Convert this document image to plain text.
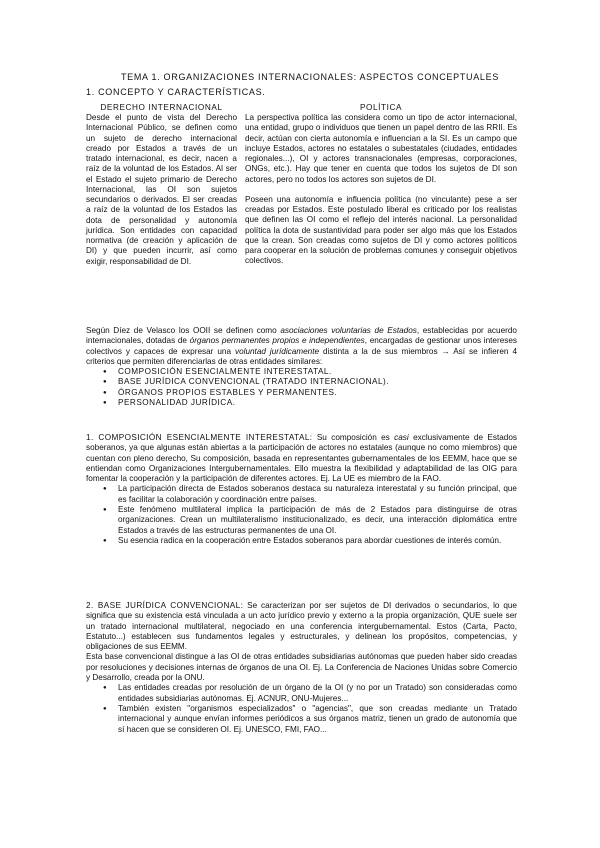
TEMA 1. ORGANIZACIONES INTERNACIONALES: ASPECTOS CONCEPTUALES
1. CONCEPTO Y CARACTERÍSTICAS.
DERECHO INTERNACIONAL

Desde el punto de vista del Derecho Internacional Público, se definen como un sujeto de derecho internacional creado por Estados a través de un tratado internacional, es decir, nacen a raíz de la voluntad de los Estados. Al ser el Estado el sujeto primario de Derecho Internacional, las OI son sujetos secundarios o derivados. El ser creadas a raíz de la voluntad de los Estados las dota de personalidad y autonomía jurídica. Son entidades con capacidad normativa (de creación y aplicación de DI) y que pueden incurrir, así como exigir, responsabilidad de DI.

POLÍTICA

La perspectiva política las considera como un tipo de actor internacional, una entidad, grupo o individuos que tienen un papel dentro de las RRII. Es decir, actúan con cierta autonomía e influencian a la SI. Es un campo que incluye Estados, actores no estatales o subestatales (ciudades, entidades regionales...), OI y actores transnacionales (empresas, corporaciones, ONGs, etc.). Hay que tener en cuenta que todos los sujetos de DI son actores, pero no todos los actores son sujetos de DI.

Poseen una autonomía e influencia política (no vinculante) pese a ser creadas por Estados. Este postulado liberal es criticado por los realistas que definen las OI como el reflejo del interés nacional. La personalidad política la dota de sustantividad para poder ser algo más que los Estados que la crean. Son creadas como sujetos de DI y como actores políticos para cooperar en la solución de problemas comunes y conseguir objetivos colectivos.

Según Díez de Velasco los OOII se definen como asociaciones voluntarias de Estados, establecidas por acuerdo internacionales, dotadas de órganos permanentes propios e independientes, encargadas de gestionar unos intereses colectivos y capaces de expresar una voluntad jurídicamente distinta a la de sus miembros → Así se infieren 4 criterios que permiten diferenciarlas de otras entidades similares:

● COMPOSICIÓN ESENCIALMENTE INTERESTATAL.
● BASE JURÍDICA CONVENCIONAL (TRATADO INTERNACIONAL).
● ÓRGANOS PROPIOS ESTABLES Y PERMANENTES.
● PERSONALIDAD JURÍDICA.

1. COMPOSICIÓN ESENCIALMENTE INTERESTATAL: Su composición es casi exclusivamente de Estados soberanos, ya que algunas están abiertas a la participación de actores no estatales (aunque no como miembros) que cuentan con pleno derecho, Su composición, basada en representantes gubernamentales de los EEMM, hace que se entiendan como Organizaciones Intergubernamentales. Ello muestra la flexibilidad y adaptabilidad de las OIG para fomentar la cooperación y la participación de diferentes actores. Ej. La UE es miembro de la FAO.

● La participación directa de Estados soberanos destaca su naturaleza interestatal y su función principal, que es facilitar la colaboración y coordinación entre países.
● Este fenómeno multilateral implica la participación de más de 2 Estados para distinguirse de otras organizaciones. Crean un multilateralismo institucionalizado, es decir, una interacción diplomática entre Estados a través de las estructuras permanentes de una OI.
● Su esencia radica en la cooperación entre Estados soberanos para abordar cuestiones de interés común.

2. BASE JURÍDICA CONVENCIONAL: Se caracterizan por ser sujetos de DI derivados o secundarios, lo que significa que su existencia está vinculada a un acto jurídico previo y externo a la propia organización, QUE suele ser un tratado internacional multilateral, negociado en una conferencia intergubernamental. Estos (Carta, Pacto, Estatuto...) establecen sus fundamentos legales y estructurales, y delinean los propósitos, competencias, y obligaciones de sus EEMM.

Esta base convencional distingue a las OI de otras entidades subsidiarias autónomas que pueden haber sido creadas por resoluciones y decisiones internas de órganos de una OI. Ej. La Conferencia de Naciones Unidas sobre Comercio y Desarrollo, creada por la ONU.

● Las entidades creadas por resolución de un órgano de la OI (y no por un Tratado) son consideradas como entidades subsidiarias autónomas. Ej. ACNUR, ONU-Mujeres...
● También existen "organismos especializados" o "agencias", que son creadas mediante un Tratado internacional y aunque envían informes periódicos a sus órganos matriz, tienen un grado de autonomía que sí hacen que se consideren OI. Ej. UNESCO, FMI, FAO...
